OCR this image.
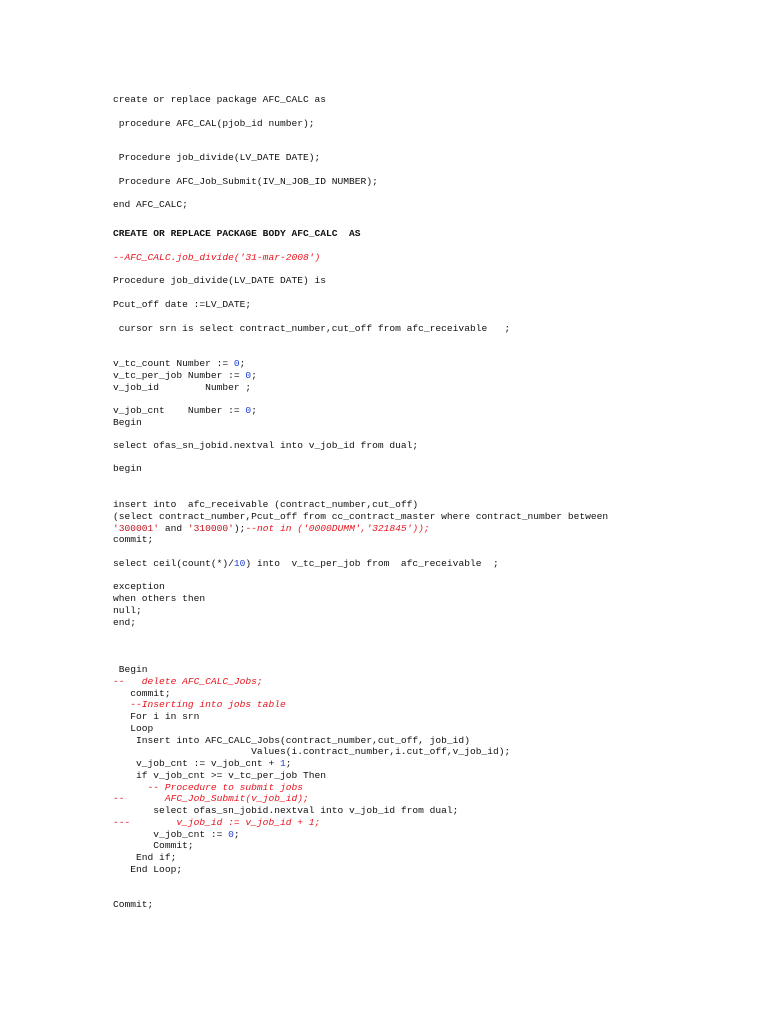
create or replace package AFC_CALC as
procedure AFC_CAL(pjob_id number);
Procedure job_divide(LV_DATE DATE);
Procedure AFC_Job_Submit(IV_N_JOB_ID NUMBER);
end AFC_CALC;
CREATE OR REPLACE PACKAGE BODY AFC_CALC  AS
--AFC_CALC.job_divide('31-mar-2008')
Procedure job_divide(LV_DATE DATE) is
Pcut_off date :=LV_DATE;
cursor srn is select contract_number,cut_off from afc_receivable   ;
v_tc_count Number := 0;
v_tc_per_job Number := 0;
v_job_id        Number ;
v_job_cnt    Number := 0;
Begin
select ofas_sn_jobid.nextval into v_job_id from dual;
begin
insert into  afc_receivable (contract_number,cut_off)
(select contract_number,Pcut_off from cc_contract_master where contract_number between
'300001' and '310000');--not in ('0000DUMM','321845'));
commit;
select ceil(count(*)/10) into  v_tc_per_job from  afc_receivable  ;
exception
when others then
null;
end;
Begin
--   delete AFC_CALC_Jobs;
commit;
--Inserting into jobs table
For i in srn
Loop
Insert into AFC_CALC_Jobs(contract_number,cut_off, job_id)
Values(i.contract_number,i.cut_off,v_job_id);
v_job_cnt := v_job_cnt + 1;
if v_job_cnt >= v_tc_per_job Then
-- Procedure to submit jobs
--       AFC_Job_Submit(v_job_id);
select ofas_sn_jobid.nextval into v_job_id from dual;
---        v_job_id := v_job_id + 1;
v_job_cnt := 0;
Commit;
End if;
End Loop;
Commit;
